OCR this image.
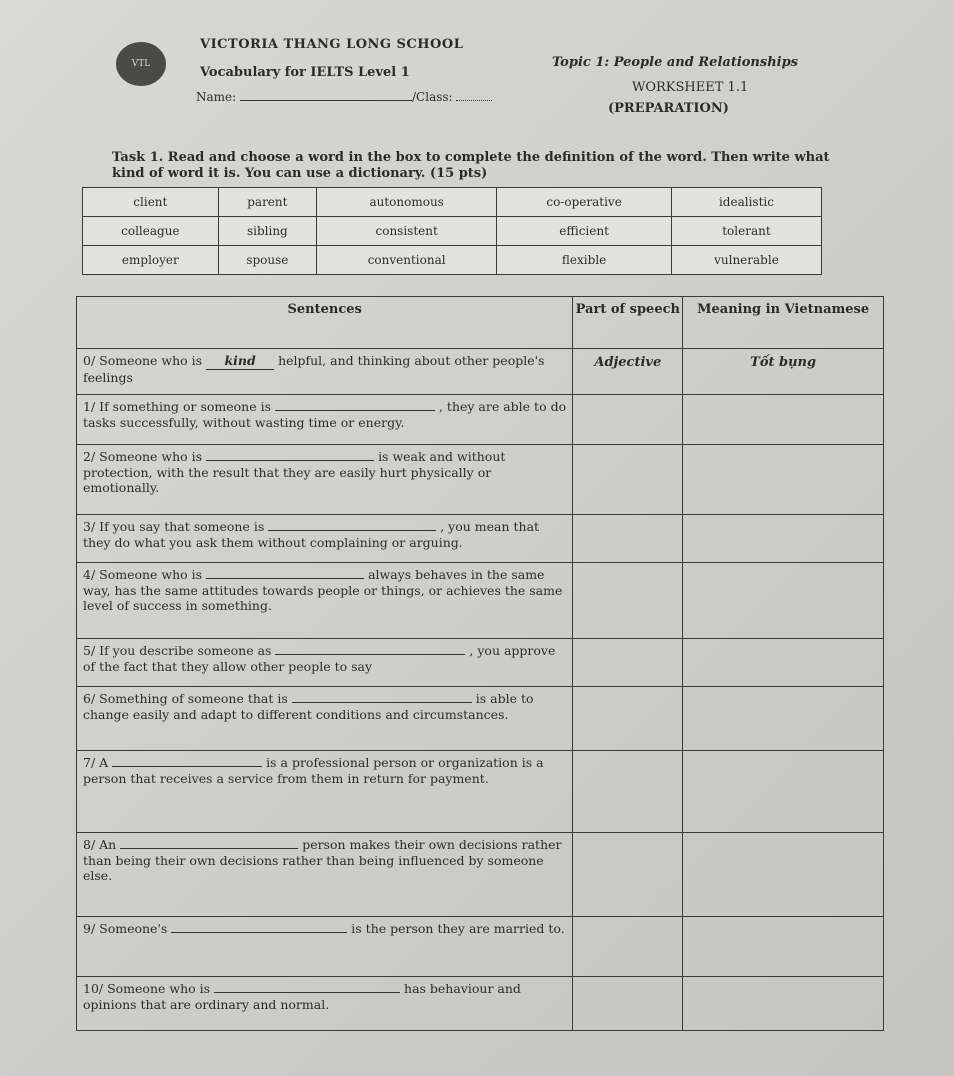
VTL
VICTORIA THANG LONG SCHOOL
Vocabulary for IELTS Level 1
Name:	/Class:
Topic 1: People and Relationships
WORKSHEET 1.1
(PREPARATION)
Task 1. Read and choose a word in the box to complete the definition of the word. Then write what kind of word it is. You can use a dictionary. (15 pts)
client	parent	autonomous	co-operative	idealistic
colleague	sibling	consistent	efficient	tolerant
employer	spouse	conventional	flexible	vulnerable
Sentences	Part of speech	Meaning in Vietnamese
0/ Someone who is kind helpful, and thinking about other people's feelings	Adjective	Tốt bụng
1/ If something or someone is , they are able to do tasks successfully, without wasting time or energy.		
2/ Someone who is is weak and without protection, with the result that they are easily hurt physically or emotionally.		
3/ If you say that someone is , you mean that they do what you ask them without complaining or arguing.		
4/ Someone who is always behaves in the same way, has the same attitudes towards people or things, or achieves the same level of success in something.		
5/ If you describe someone as , you approve of the fact that they allow other people to say		
6/ Something of someone that is is able to change easily and adapt to different conditions and circumstances.		
7/ A is a professional person or organization is a person that receives a service from them in return for payment.		
8/ An person makes their own decisions rather than being their own decisions rather than being influenced by someone else.		
9/ Someone's is the person they are married to.		
10/ Someone who is has behaviour and opinions that are ordinary and normal.		
